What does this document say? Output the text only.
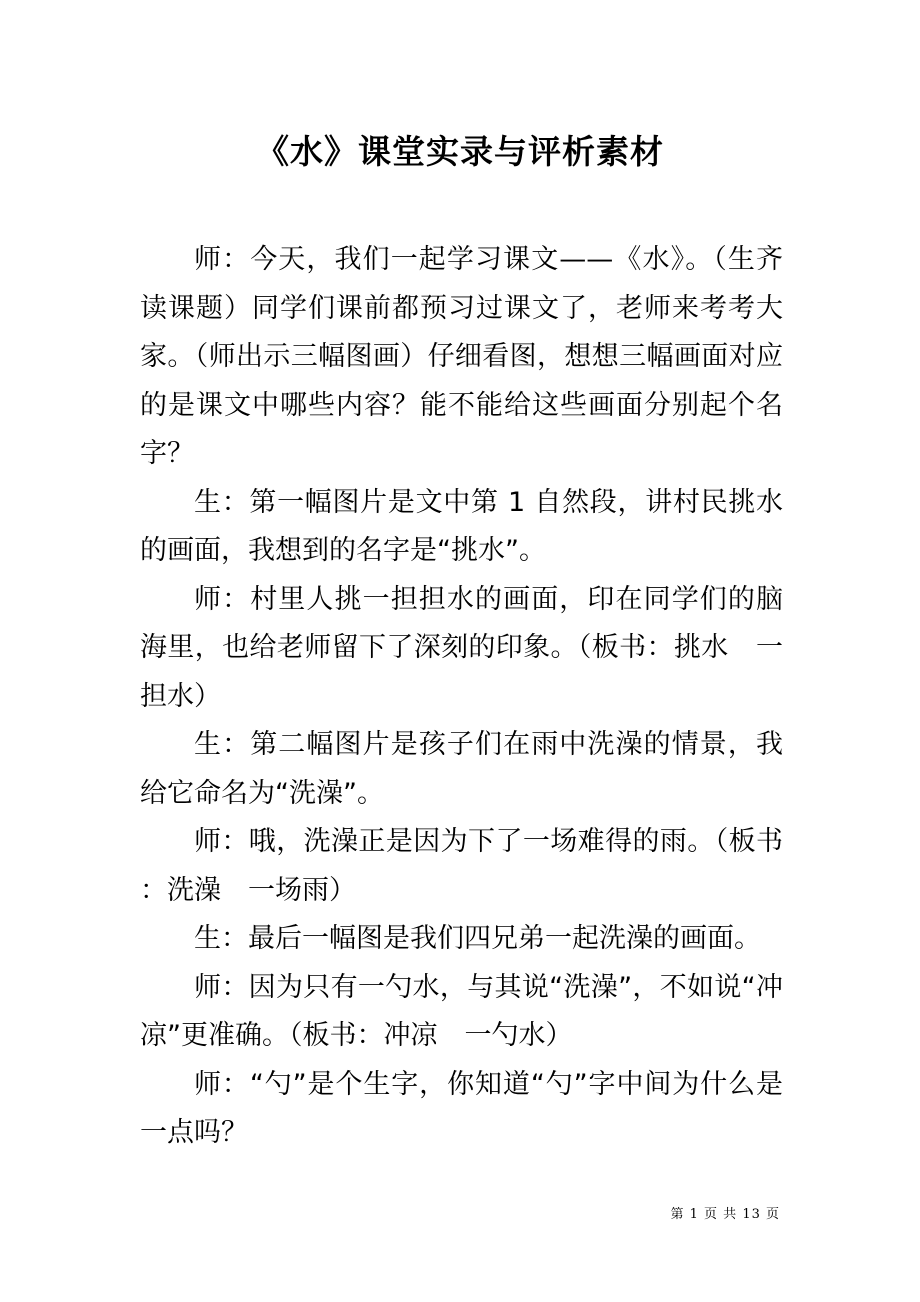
《水》课堂实录与评析素材

师：今天，我们一起学习课文——《水》。（生齐读课题）同学们课前都预习过课文了，老师来考考大家。（师出示三幅图画）仔细看图，想想三幅画面对应的是课文中哪些内容？能不能给这些画面分别起个名字？

生：第一幅图片是文中第 1 自然段，讲村民挑水的画面，我想到的名字是“挑水”。

师：村里人挑一担担水的画面，印在同学们的脑海里，也给老师留下了深刻的印象。（板书：挑水　一担水）

生：第二幅图片是孩子们在雨中洗澡的情景，我给它命名为“洗澡”。

师：哦，洗澡正是因为下了一场难得的雨。（板书：洗澡　一场雨）

生：最后一幅图是我们四兄弟一起洗澡的画面。

师：因为只有一勺水，与其说“洗澡”，不如说“冲凉”更准确。（板书：冲凉　一勺水）

师：“勺”是个生字，你知道“勺”字中间为什么是一点吗？

第 1 页 共 13 页
